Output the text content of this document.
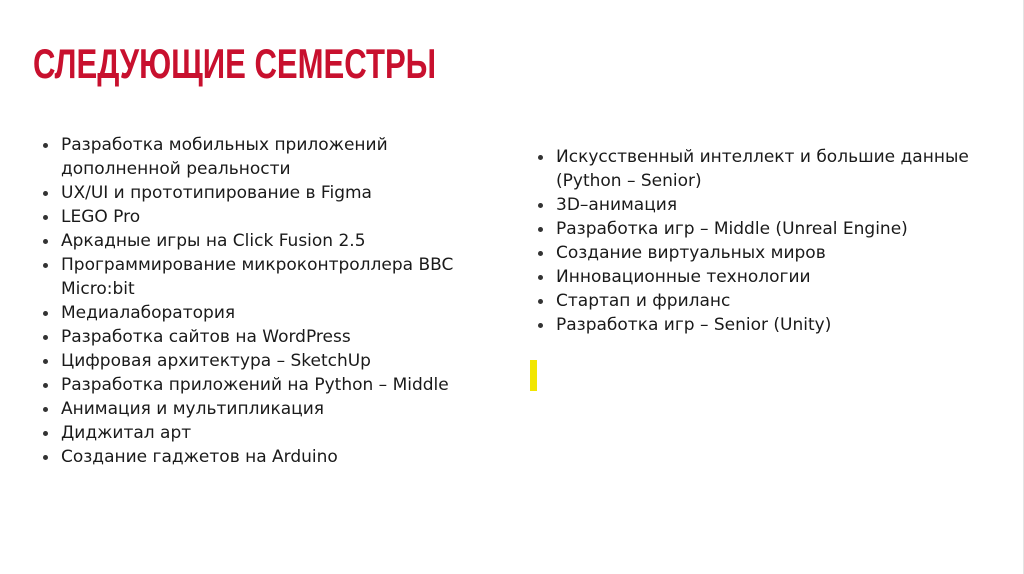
СЛЕДУЮЩИЕ СЕМЕСТРЫ
Разработка мобильных приложений дополненной реальности
UX/UI и прототипирование в Figma
LEGO Pro
Аркадные игры на Click Fusion 2.5
Программирование микроконтроллера BBC Micro:bit
Медиалаборатория
Разработка сайтов на WordPress
Цифровая архитектура – SketchUp
Разработка приложений на Python – Middle
Анимация и мультипликация
Диджитал арт
Создание гаджетов на Arduino
Искусственный интеллект и большие данные (Python – Senior)
3D–анимация
Разработка игр – Middle (Unreal Engine)
Создание виртуальных миров
Инновационные технологии
Стартап и фриланс
Разработка игр – Senior (Unity)
